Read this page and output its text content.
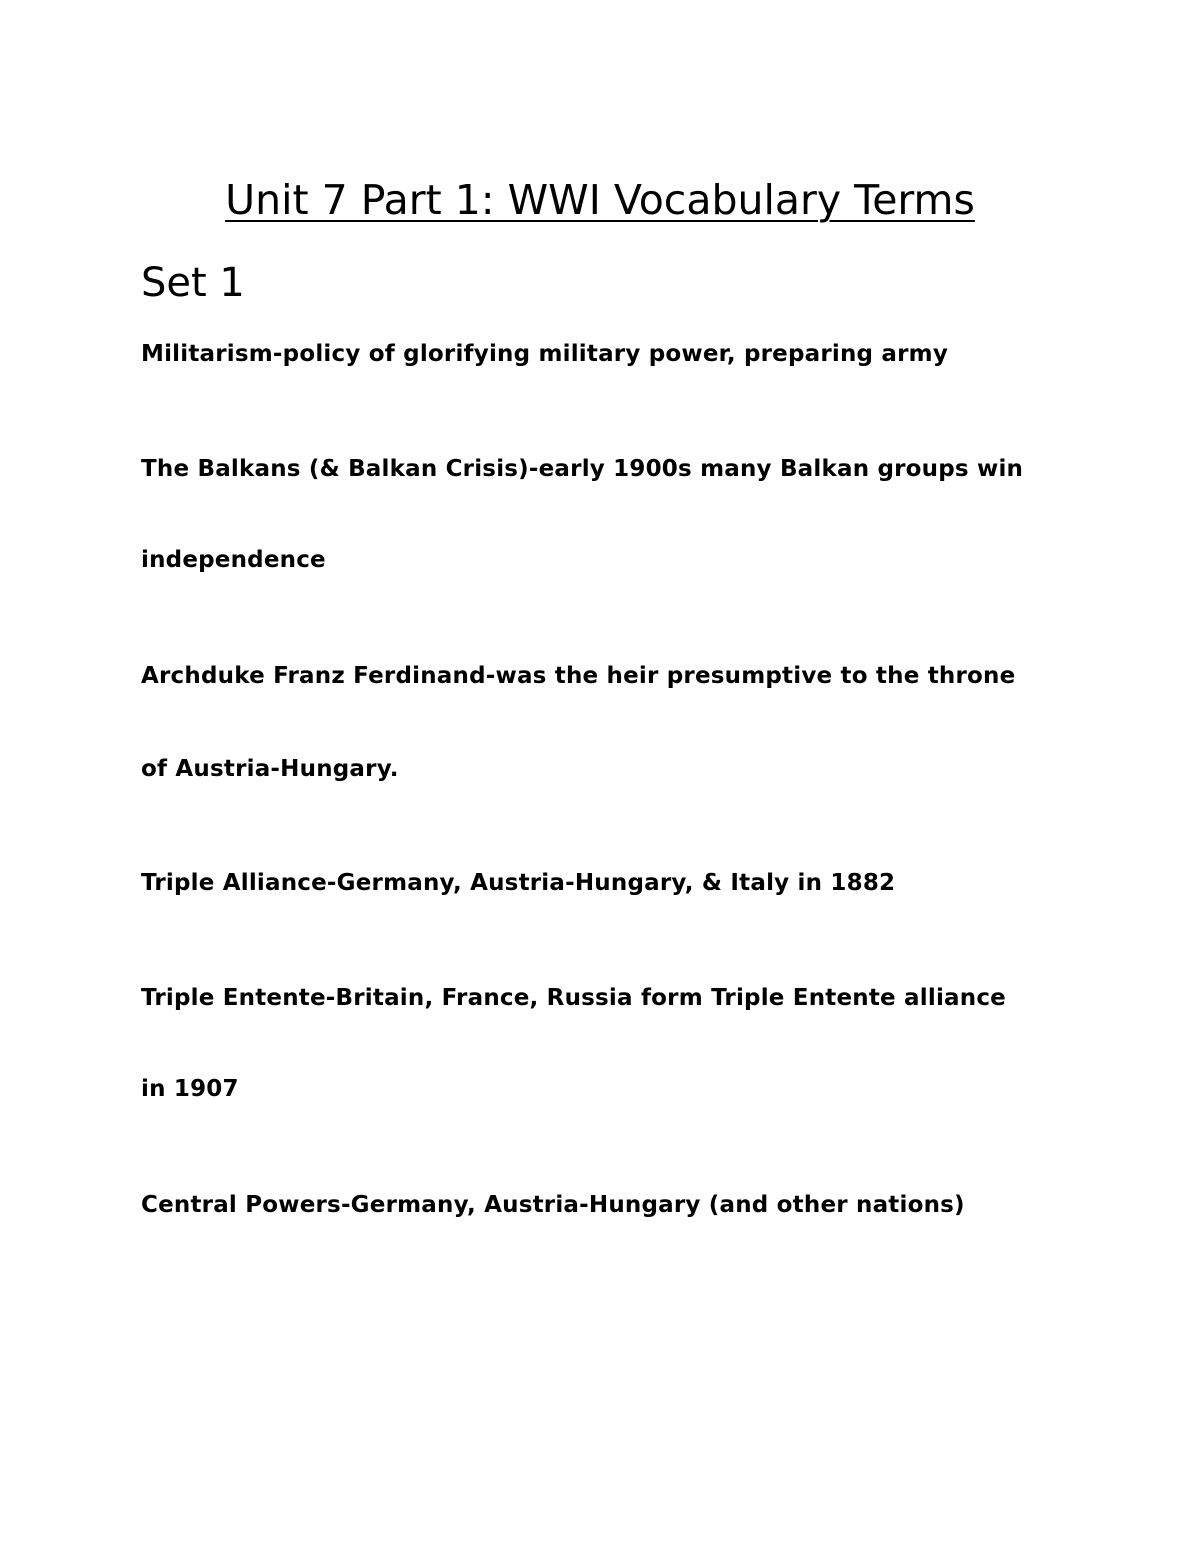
Unit 7 Part 1: WWI Vocabulary Terms
Set 1
Militarism-policy of glorifying military power, preparing army
The Balkans (& Balkan Crisis)-early 1900s many Balkan groups win
independence
Archduke Franz Ferdinand-was the heir presumptive to the throne
of Austria-Hungary.
Triple Alliance-Germany, Austria-Hungary, & Italy in 1882
Triple Entente-Britain, France, Russia form Triple Entente alliance
in 1907
Central Powers-Germany, Austria-Hungary (and other nations)
